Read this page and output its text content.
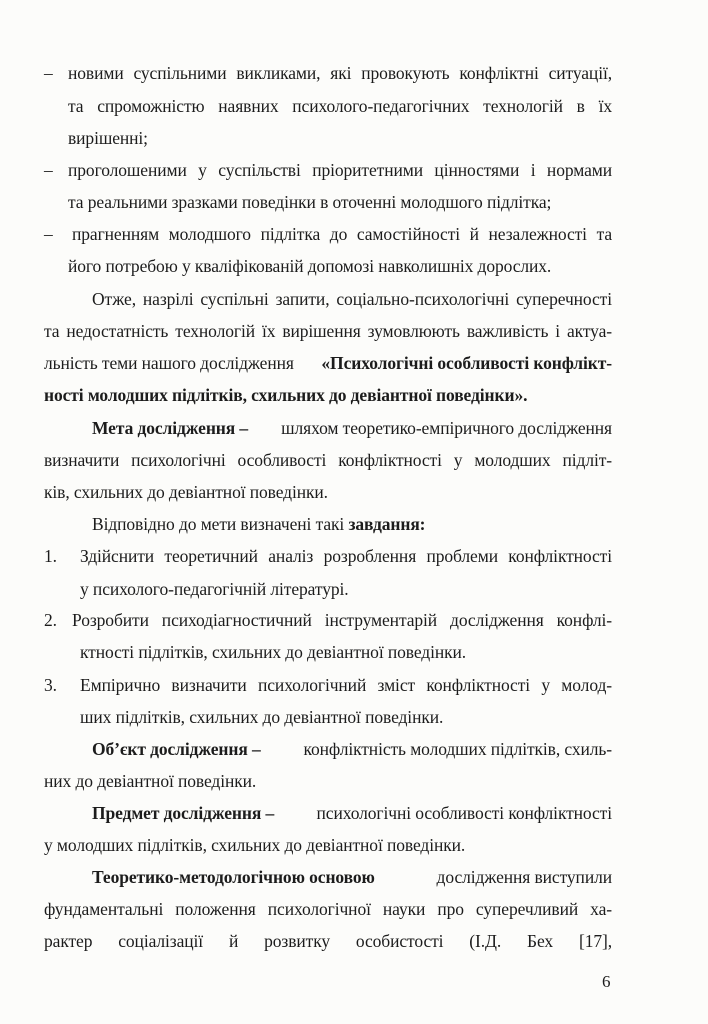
– новими суспільними викликами, які провокують конфліктні ситуації,
та спроможністю наявних психолого-педагогічних технологій в їх
вирішенні;
– проголошеними у суспільстві пріоритетними цінностями і нормами
та реальними зразками поведінки в оточенні молодшого підлітка;
– прагненням молодшого підлітка до самостійності й незалежності та
його потребою у кваліфікованій допомозі навколишніх дорослих.
Отже, назрілі суспільні запити, соціально-психологічні суперечності
та недостатність технологій їх вирішення зумовлюють важливість і актуа-
льність теми нашого дослідження «Психологічні особливості конфлікт-
ності молодших підлітків, схильних до девіантної поведінки».
Мета дослідження – шляхом теоретико-емпіричного дослідження
визначити психологічні особливості конфліктності у молодших підліт-
ків, схильних до девіантної поведінки.
Відповідно до мети визначені такі завдання:
1. Здійснити теоретичний аналіз розроблення проблеми конфліктності
у психолого-педагогічній літературі.
2. Розробити психодіагностичний інструментарій дослідження конфлі-
ктності підлітків, схильних до девіантної поведінки.
3. Емпірично визначити психологічний зміст конфліктності у молод-
ших підлітків, схильних до девіантної поведінки.
Об’єкт дослідження – конфліктність молодших підлітків, схиль-
них до девіантної поведінки.
Предмет дослідження – психологічні особливості конфліктності
у молодших підлітків, схильних до девіантної поведінки.
Теоретико-методологічною основою	дослідження виступили
фундаментальні положення психологічної науки про суперечливий ха-
рактер соціалізації й розвитку особистості (І.Д. Бех [17],
6
